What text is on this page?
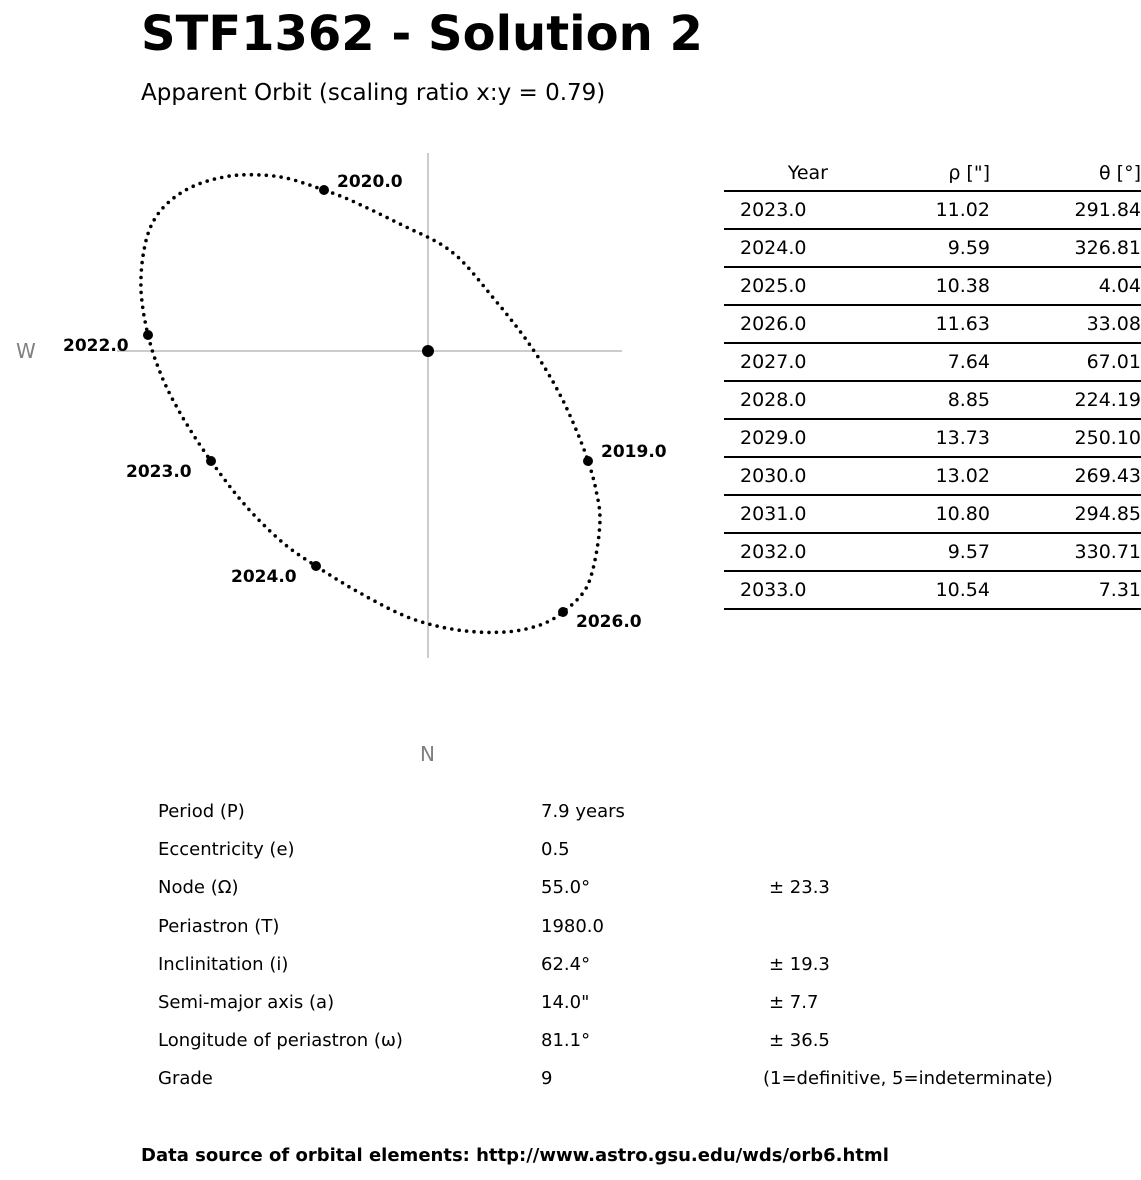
STF1362 - Solution 2
Apparent Orbit (scaling ratio x:y = 0.79)
W
N
2019.0
2020.0
2022.0
2023.0
2024.0
2026.0
Year	ρ ["]	θ [°]
2023.0	11.02	291.84
2024.0	9.59	326.81
2025.0	10.38	4.04
2026.0	11.63	33.08
2027.0	7.64	67.01
2028.0	8.85	224.19
2029.0	13.73	250.10
2030.0	13.02	269.43
2031.0	10.80	294.85
2032.0	9.57	330.71
2033.0	10.54	7.31
Period (P)	7.9 years
Eccentricity (e)	0.5
Node (Ω)	55.0°	± 23.3
Periastron (T)	1980.0
Inclinitation (i)	62.4°	± 19.3
Semi-major axis (a)	14.0"	± 7.7
Longitude of periastron (ω)	81.1°	± 36.5
Grade	9	(1=definitive, 5=indeterminate)
Data source of orbital elements: http://www.astro.gsu.edu/wds/orb6.html
